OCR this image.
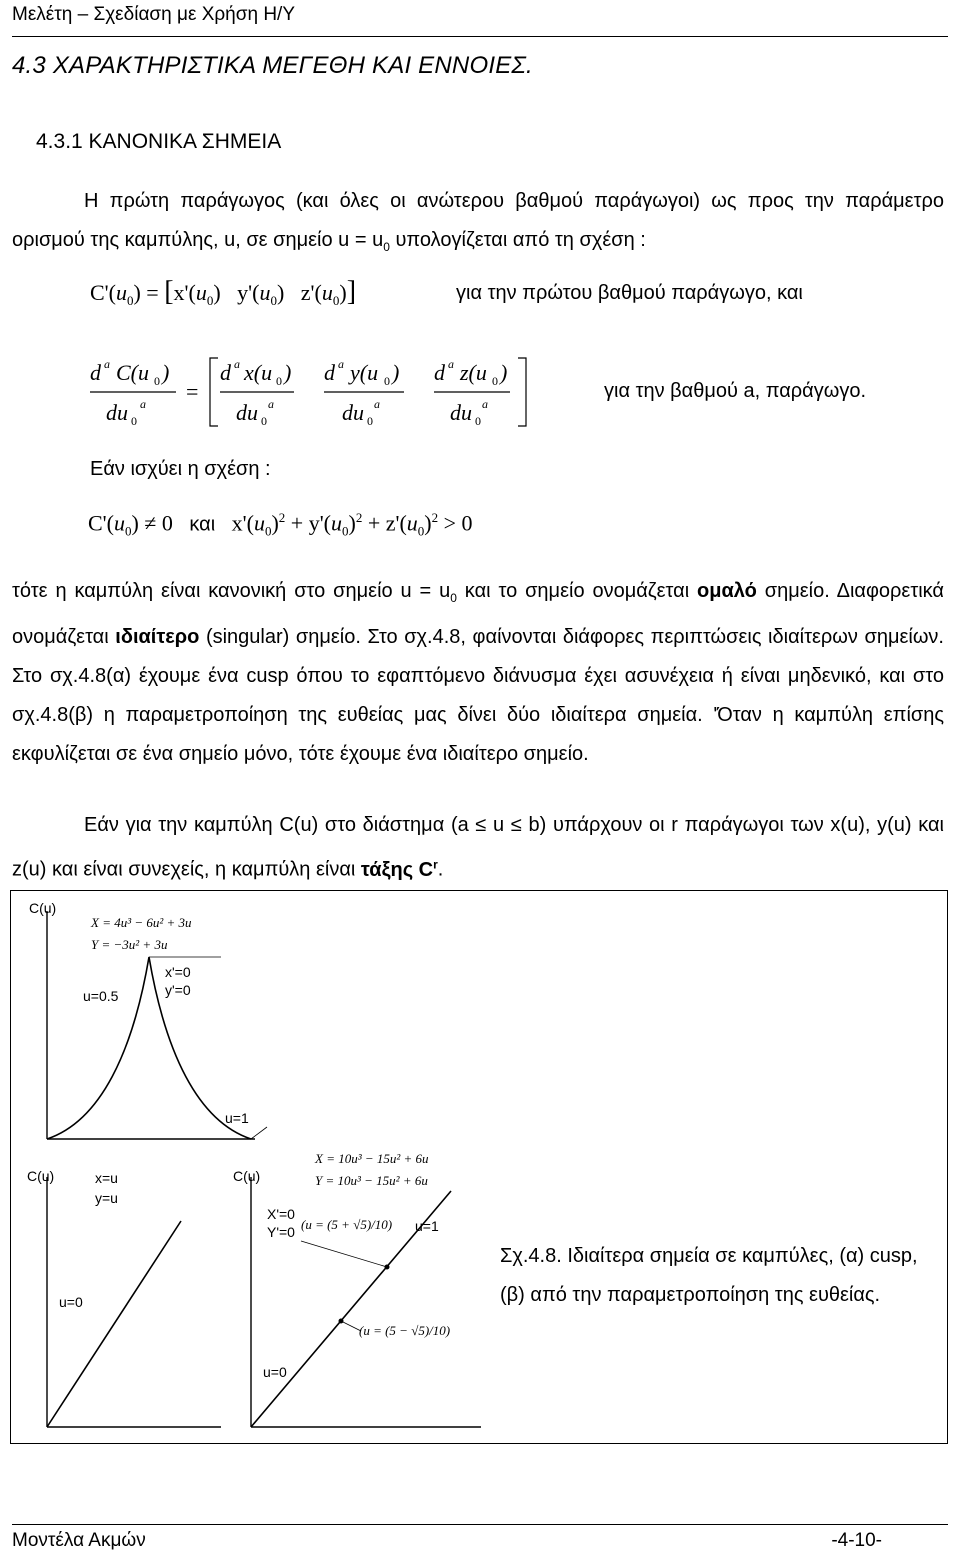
Μελέτη – Σχεδίαση με Χρήση Η/Υ
4.3 ΧΑΡΑΚΤΗΡΙΣΤΙΚΑ ΜΕΓΕΘΗ ΚΑΙ ΕΝΝΟΙΕΣ.
4.3.1 ΚΑΝΟΝΙΚΑ ΣΗΜΕΙΑ
Η πρώτη παράγωγος (και όλες οι ανώτερου βαθμού παράγωγοι) ως προς την παράμετρο ορισμού της καμπύλης, u, σε σημείο $u = u_0$ υπολογίζεται από τη σχέση :
$C'(u_0) = [x'(u_0)$ $y'(u_0)$ $z'(u_0)$]	για την πρώτου βαθμού παράγωγο, και
d a C(u 0 )
du 0
a =
d a x(u 0 )
du 0
a
d a y(u 0 )
du 0
a
d a z(u 0 )
du 0
a
για την βαθμού a, παράγωγο.
Εάν ισχύει η σχέση :
$C'(u_0) \ne 0$ και $x'(u_0)^2 + y'(u_0)^2 + z'(u_0)^2 > 0$
τότε η καμπύλη είναι κανονική στο σημείο $u = u_0$ και το σημείο ονομάζεται ομαλό σημείο. Διαφορετικά ονομάζεται ιδιαίτερο (singular) σημείο. Στο σχ.4.8, φαίνονται διάφορες περιπτώσεις ιδιαίτερων σημείων. Στο σχ.4.8(α) έχουμε ένα cusp όπου το εφαπτόμενο διάνυσμα έχει ασυνέχεια ή είναι μηδενικό, και στο σχ.4.8(β) η παραμετροποίηση της ευθείας μας δίνει δύο ιδιαίτερα σημεία. 'Όταν η καμπύλη επίσης εκφυλίζεται σε ένα σημείο μόνο, τότε έχουμε ένα ιδιαίτερο σημείο.
Εάν για την καμπύλη C(u) στο διάστημα (a ≤ u ≤ b) υπάρχουν οι r παράγωγοι των x(u), y(u) και z(u) και είναι συνεχείς, η καμπύλη είναι τάξης $C^r$.
C(u)
X = 4u³ − 6u² + 3u
Y = −3u² + 3u
x'=0
y'=0
u=0.5
u=1
C(u)	x=u
y=u
u=0
C(u)
X = 10u³ − 15u² + 6u
Y = 10u³ − 15u² + 6u
X'=0
Y'=0 (u = (5 + √5)/10)
(u = (5 − √5)/10)
u=1
u=0
Σχ.4.8. Ιδιαίτερα σημεία σε καμπύλες, (α) cusp, (β) από την παραμετροποίηση της ευθείας.
Μοντέλα Ακμών	-4-10-
